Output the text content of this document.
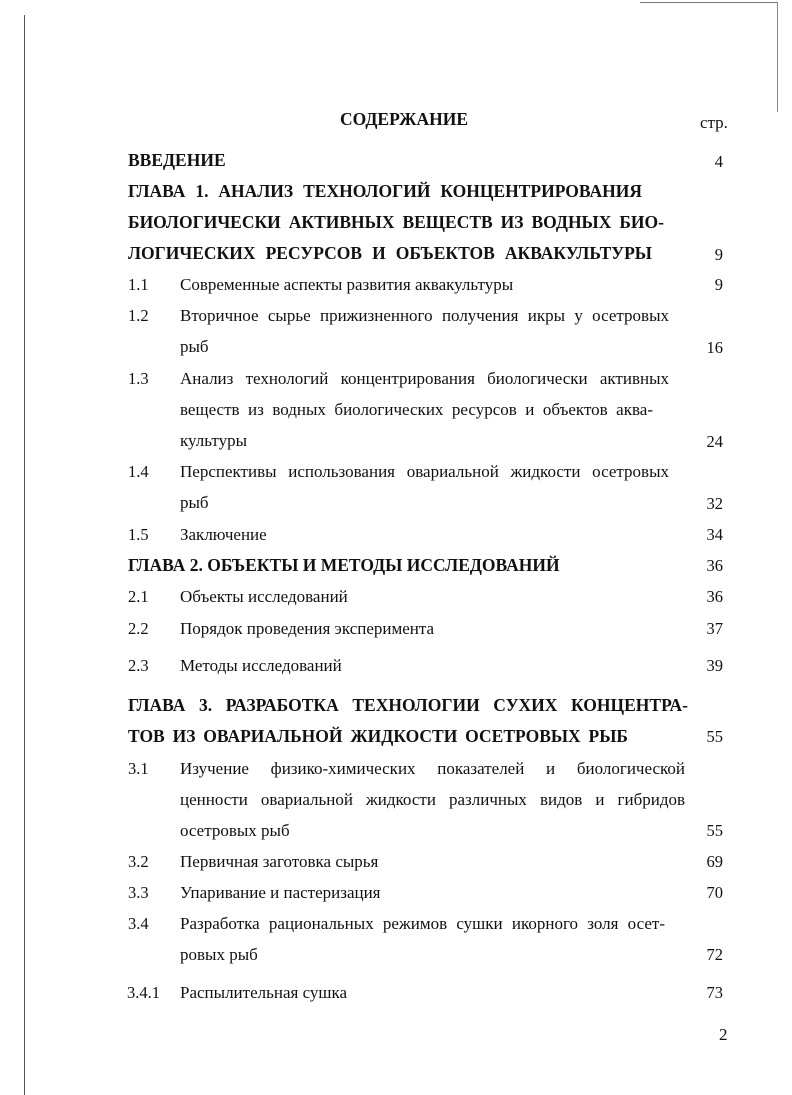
СОДЕРЖАНИЕ	стр.
ВВЕДЕНИЕ	4
ГЛАВА 1. АНАЛИЗ ТЕХНОЛОГИЙ КОНЦЕНТРИРОВАНИЯ
БИОЛОГИЧЕСКИ АКТИВНЫХ ВЕЩЕСТВ ИЗ ВОДНЫХ БИО-
ЛОГИЧЕСКИХ РЕСУРСОВ И ОБЪЕКТОВ АКВАКУЛЬТУРЫ	9
1.1 Современные аспекты развития аквакультуры	9
1.2 Вторичное сырье прижизненного получения икры у осетровых
рыб	16
1.3 Анализ технологий концентрирования биологически активных
веществ из водных биологических ресурсов и объектов аква-
культуры	24
1.4 Перспективы использования овариальной жидкости осетровых
рыб	32
1.5 Заключение	34
ГЛАВА 2. ОБЪЕКТЫ И МЕТОДЫ ИССЛЕДОВАНИЙ	36
2.1 Объекты исследований	36
2.2 Порядок проведения эксперимента	37
2.3 Методы исследований	39
ГЛАВА 3. РАЗРАБОТКА ТЕХНОЛОГИИ СУХИХ КОНЦЕНТРА-
ТОВ ИЗ ОВАРИАЛЬНОЙ ЖИДКОСТИ ОСЕТРОВЫХ РЫБ	55
3.1 Изучение физико-химических показателей и биологической
ценности овариальной жидкости различных видов и гибридов
осетровых рыб	55
3.2 Первичная заготовка сырья	69
3.3 Упаривание и пастеризация	70
3.4 Разработка рациональных режимов сушки икорного золя осет-
ровых рыб	72
3.4.1 Распылительная сушка	73
2
